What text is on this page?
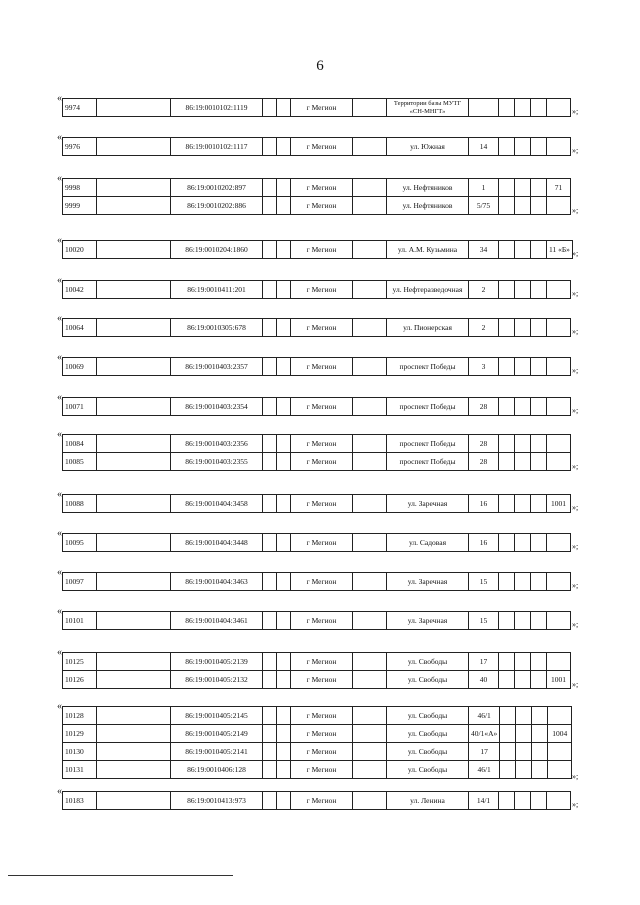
6
«
9974		86:19:0010102:1119			г Мегион		Территории базы МУТГ «СН-МНГТ»						»;
«
9976		86:19:0010102:1117			г Мегион		ул. Южная	14					»;
«
9998		86:19:0010202:897			г Мегион		ул. Нефтяников	1				71
9999		86:19:0010202:886			г Мегион		ул. Нефтяников	5/75				
»;
«
10020		86:19:0010204:1860			г Мегион		ул. А.М. Кузьмина	34				11 «Б» »;
«
10042		86:19:0010411:201			г Мегион		ул. Нефтеразведочная	2					»;
«
10064		86:19:0010305:678			г Мегион		ул. Пионерская	2					»;
«
10069		86:19:0010403:2357			г Мегион		проспект Победы	3					»;
«
10071		86:19:0010403:2354			г Мегион		проспект Победы	28					»;
«
10084		86:19:0010403:2356			г Мегион		проспект Победы	28				
10085		86:19:0010403:2355			г Мегион		проспект Победы	28				
»;
«
10088		86:19:0010404:3458			г Мегион		ул. Заречная	16				1001 »;
«
10095		86:19:0010404:3448			г Мегион		ул. Садовая	16					»;
«
10097		86:19:0010404:3463			г Мегион		ул. Заречная	15					»;
«
10101		86:19:0010404:3461			г Мегион		ул. Заречная	15					»;
«
10125		86:19:0010405:2139			г Мегион		ул. Свободы	17				
10126		86:19:0010405:2132			г Мегион		ул. Свободы	40				1001
»;
«
10128		86:19:0010405:2145			г Мегион		ул. Свободы	46/1				
10129		86:19:0010405:2149			г Мегион		ул. Свободы	40/1«А»				1004
10130		86:19:0010405:2141			г Мегион		ул. Свободы	17				
10131		86:19:0010406:128			г Мегион		ул. Свободы	46/1				
»;
«
10183		86:19:0010413:973			г Мегион		ул. Ленина	14/1					»;
